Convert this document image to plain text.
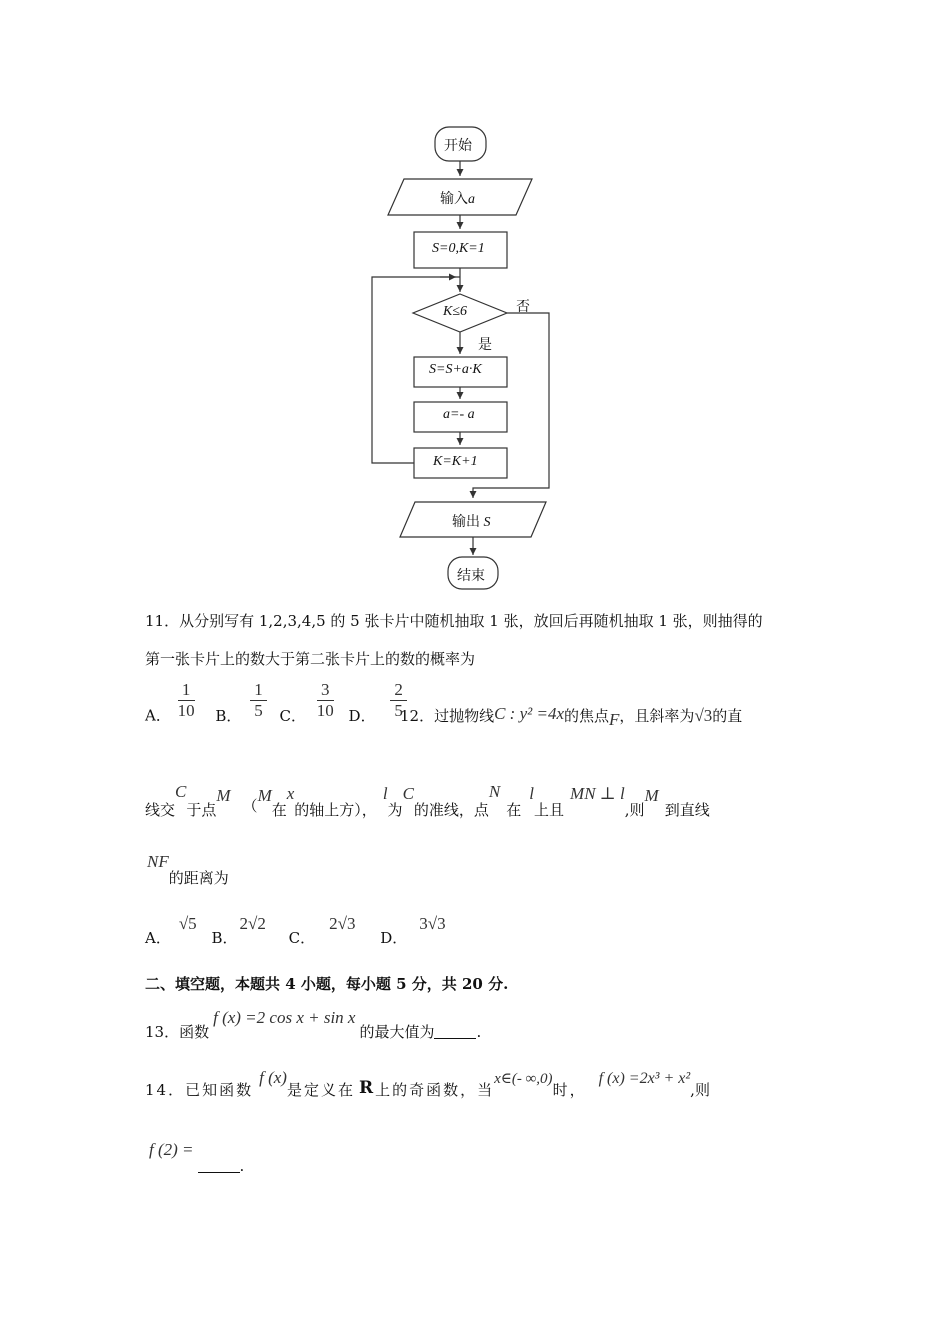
开始
输入a
S=0,K=1
K≤6	否
是
S=S+a·K
a=- a
K=K+1
输出 S
结束
11．从分别写有 1,2,3,4,5 的 5 张卡片中随机抽取 1 张，放回后再随机抽取 1 张，则抽得的
第一张卡片上的数大于第二张卡片上的数的概率为
A． $\frac{1}{10}$ B． $\frac{1}{5}$ C． $\frac{3}{10}$ D． $\frac{2}{5}$
12．过抛物线C : y² =4x的焦点F，且斜率为√3的直
线交C于点M（M在x的轴上方），l为C的准线，点N在l上且MN ⊥ l,则M到直线
NF的距离为
A．√5 B．2√2 C．2√3 D．3√3
二、填空题，本题共 4 小题，每小题 5 分，共 20 分.
13．函数f (x) =2 cos x + sin x的最大值为	.
14．已知函数f (x)是定义在 R上的奇函数，当x∈(- ∞,0)时，f (x) =2x³ + x²,则
f (2) =.
